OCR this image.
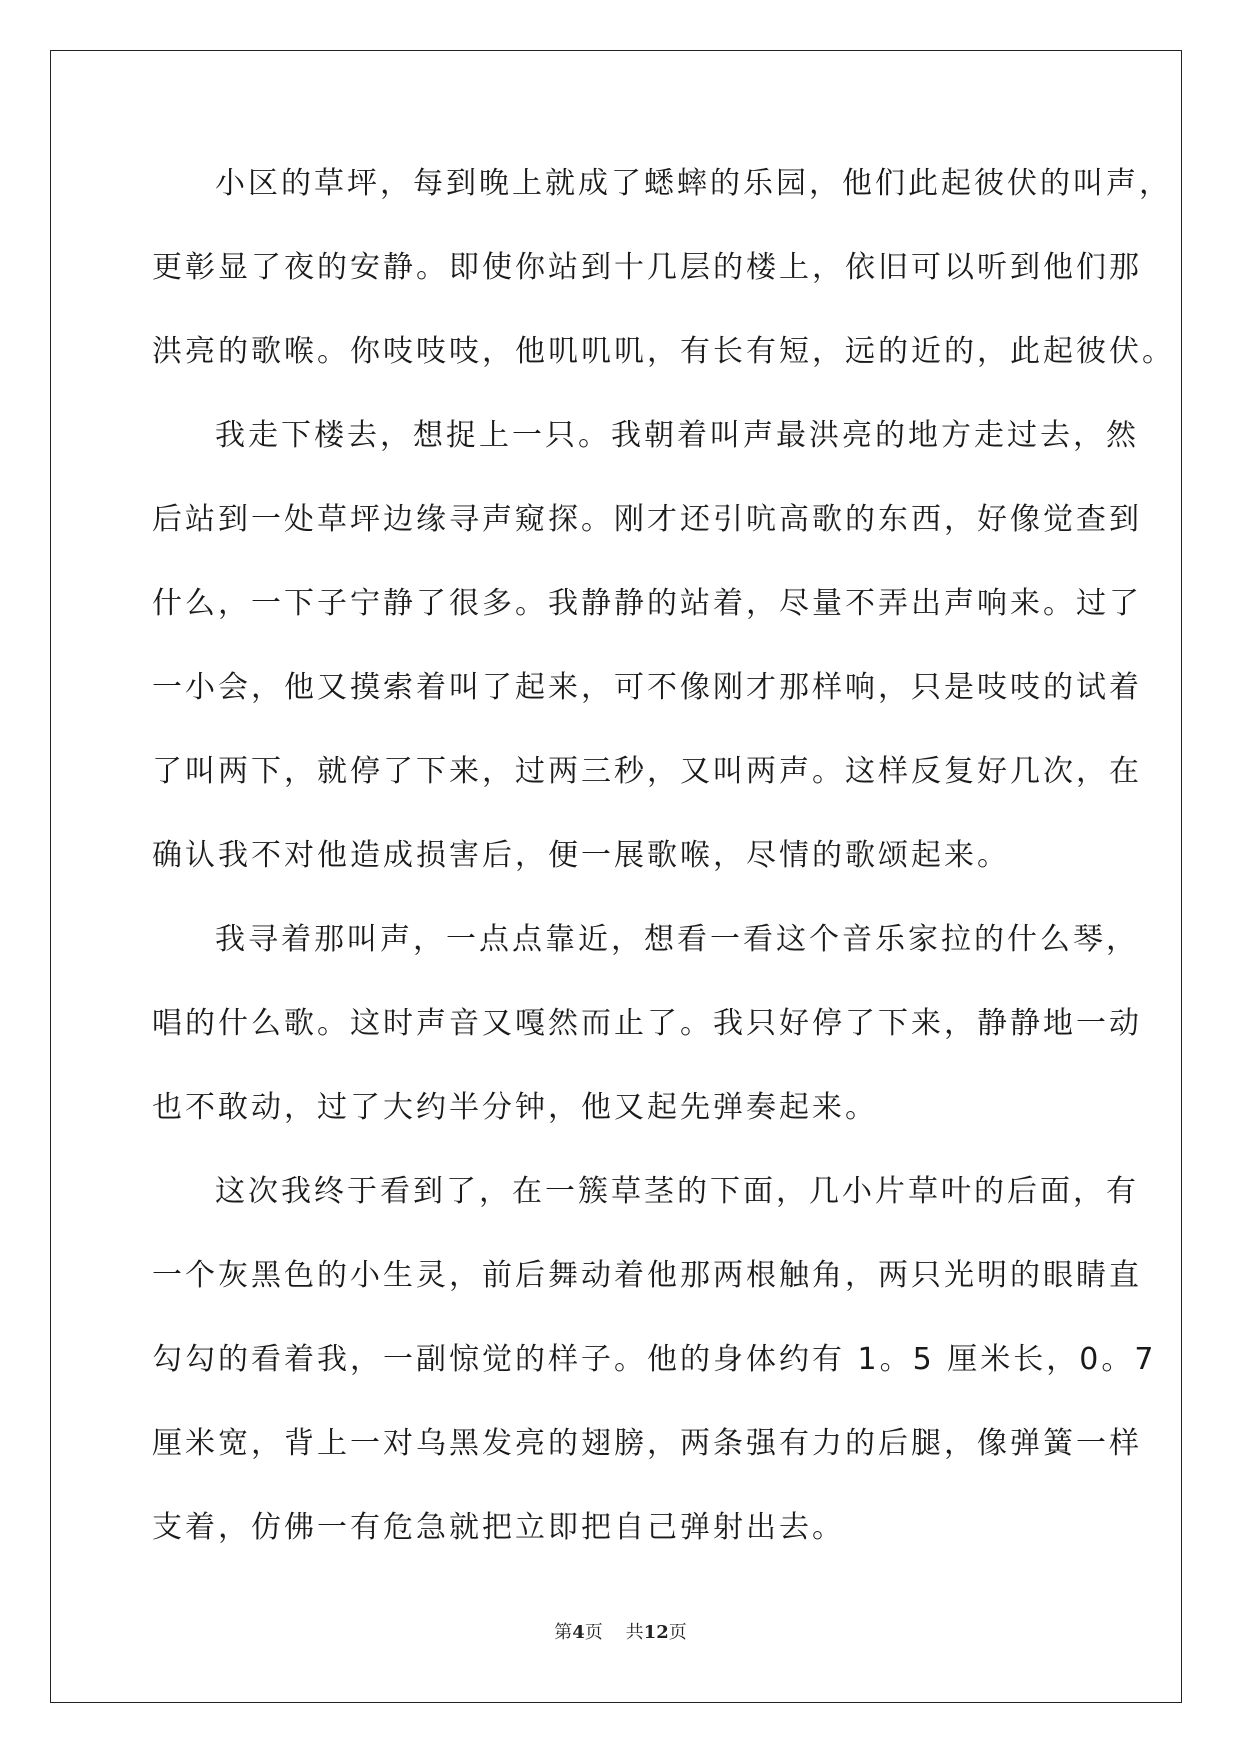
小区的草坪，每到晚上就成了蟋蟀的乐园，他们此起彼伏的叫声，
更彰显了夜的安静。即使你站到十几层的楼上，依旧可以听到他们那
洪亮的歌喉。你吱吱吱，他叽叽叽，有长有短，远的近的，此起彼伏。
我走下楼去，想捉上一只。我朝着叫声最洪亮的地方走过去，然
后站到一处草坪边缘寻声窥探。刚才还引吭高歌的东西，好像觉查到
什么，一下子宁静了很多。我静静的站着，尽量不弄出声响来。过了
一小会，他又摸索着叫了起来，可不像刚才那样响，只是吱吱的试着
了叫两下，就停了下来，过两三秒，又叫两声。这样反复好几次，在
确认我不对他造成损害后，便一展歌喉，尽情的歌颂起来。
我寻着那叫声，一点点靠近，想看一看这个音乐家拉的什么琴，
唱的什么歌。这时声音又嘎然而止了。我只好停了下来，静静地一动
也不敢动，过了大约半分钟，他又起先弹奏起来。
这次我终于看到了，在一簇草茎的下面，几小片草叶的后面，有
一个灰黑色的小生灵，前后舞动着他那两根触角，两只光明的眼睛直
勾勾的看着我，一副惊觉的样子。他的身体约有 1。5 厘米长，0。7
厘米宽，背上一对乌黑发亮的翅膀，两条强有力的后腿，像弹簧一样
支着，仿佛一有危急就把立即把自己弹射出去。
第4页 共12页
